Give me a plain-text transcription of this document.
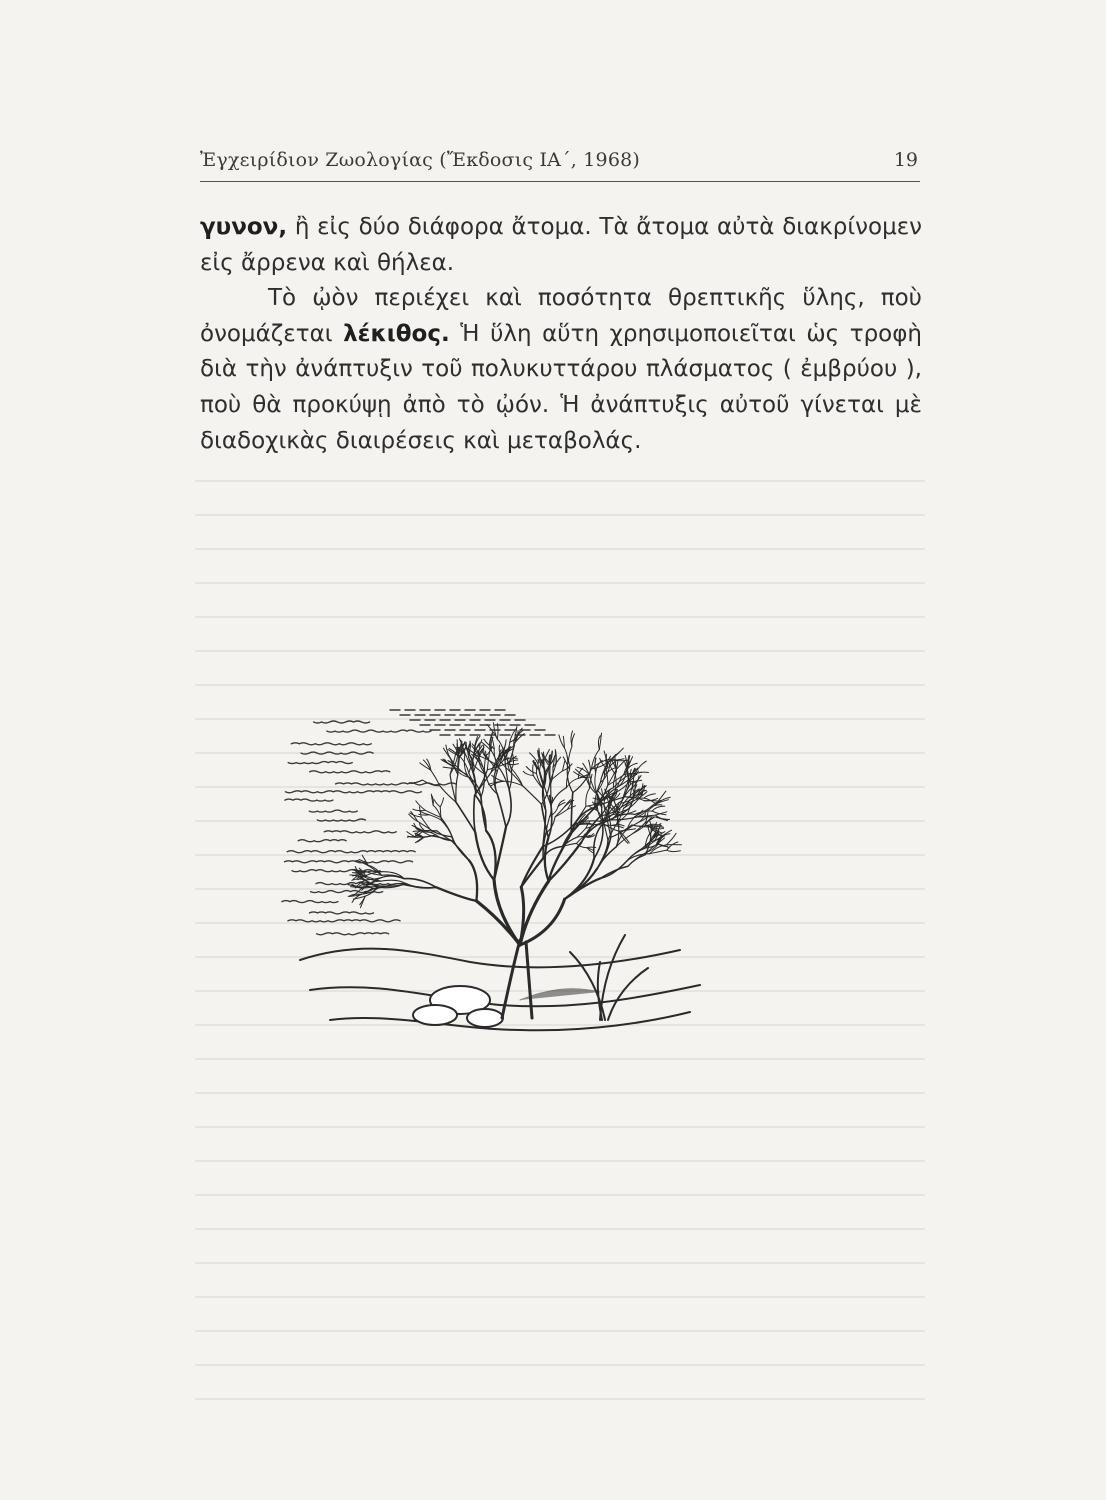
Ἐγχειρίδιον Ζωολογίας (Ἔκδοσις ΙΑ΄, 1968)	19

γυνον, ἢ εἰς δύο διάφορα ἄτομα. Τὰ ἄτομα αὐτὰ διακρίνομεν εἰς ἄρρενα καὶ θήλεα.

Τὸ ᾠὸν περιέχει καὶ ποσότητα θρεπτικῆς ὕλης, ποὺ ὀνομάζεται λέκιθος. Ἡ ὕλη αὕτη χρησιμοποιεῖται ὡς τροφὴ διὰ τὴν ἀνάπτυξιν τοῦ πολυκυττάρου πλάσματος ( ἐμβρύου ), ποὺ θὰ προκύψῃ ἀπὸ τὸ ᾠόν. Ἡ ἀνάπτυξις αὐτοῦ γίνεται μὲ διαδοχικὰς διαιρέσεις καὶ μεταβολάς.
